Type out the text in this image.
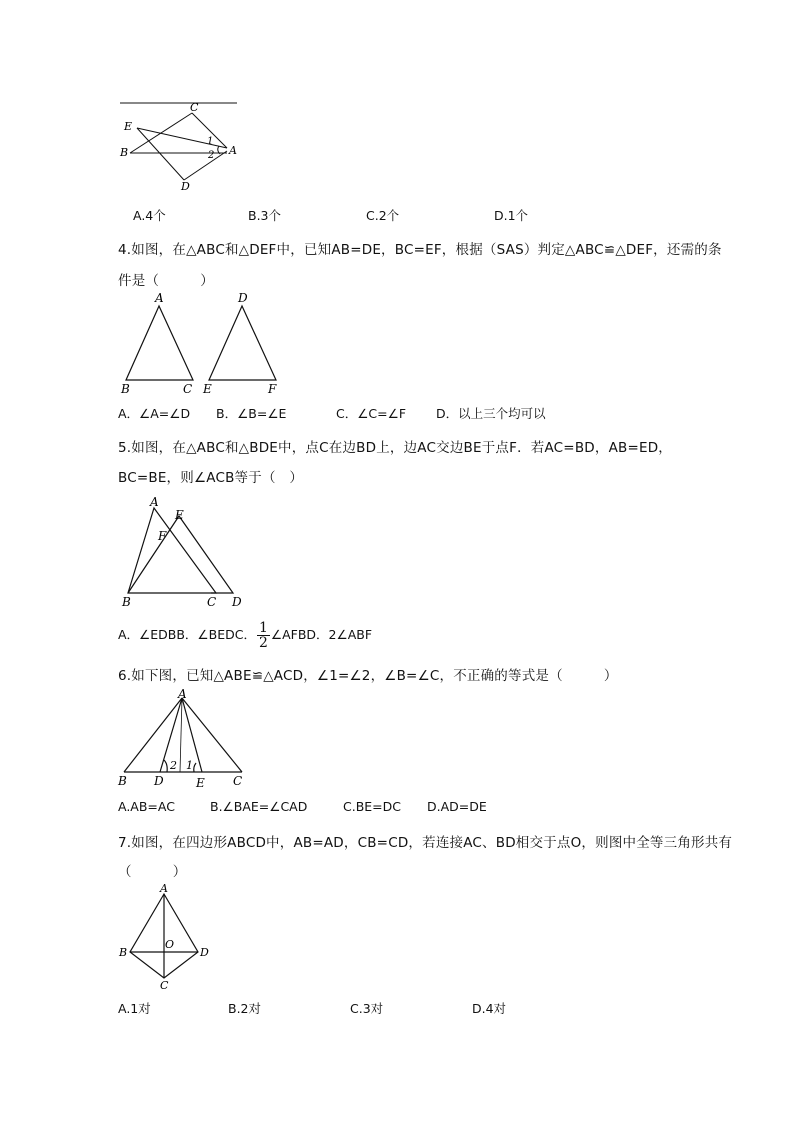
C
E
B	A
D
1
2
A.4个	B.3个	C.2个	D.1个
4.如图，在△ABC和△DEF中，已知AB=DE，BC=EF，根据（SAS）判定△ABC≌△DEF，还需的条
件是（　　　）
A
B	C
D
E	F
A．∠A=∠D B．∠B=∠E	C．∠C=∠F D．以上三个均可以
5.如图，在△ABC和△BDE中，点C在边BD上，边AC交边BE于点F．若AC=BD，AB=ED，
BC=BE，则∠ACB等于（　）
A
E
F
B	C D
A．∠EDBB．∠BEDC． $\frac{1}{2}$ ∠AFBD．2∠ABF
6.如下图，已知△ABE≌△ACD，∠1=∠2，∠B=∠C，不正确的等式是（　　　）
A
B D	E C
2 1
A.AB=AC	B.∠BAE=∠CAD	C.BE=DC D.AD=DE
7.如图，在四边形ABCD中，AB=AD，CB=CD，若连接AC、BD相交于点O，则图中全等三角形共有
（　　　）
A
B
O
D
C
A.1对	B.2对	C.3对	D.4对
